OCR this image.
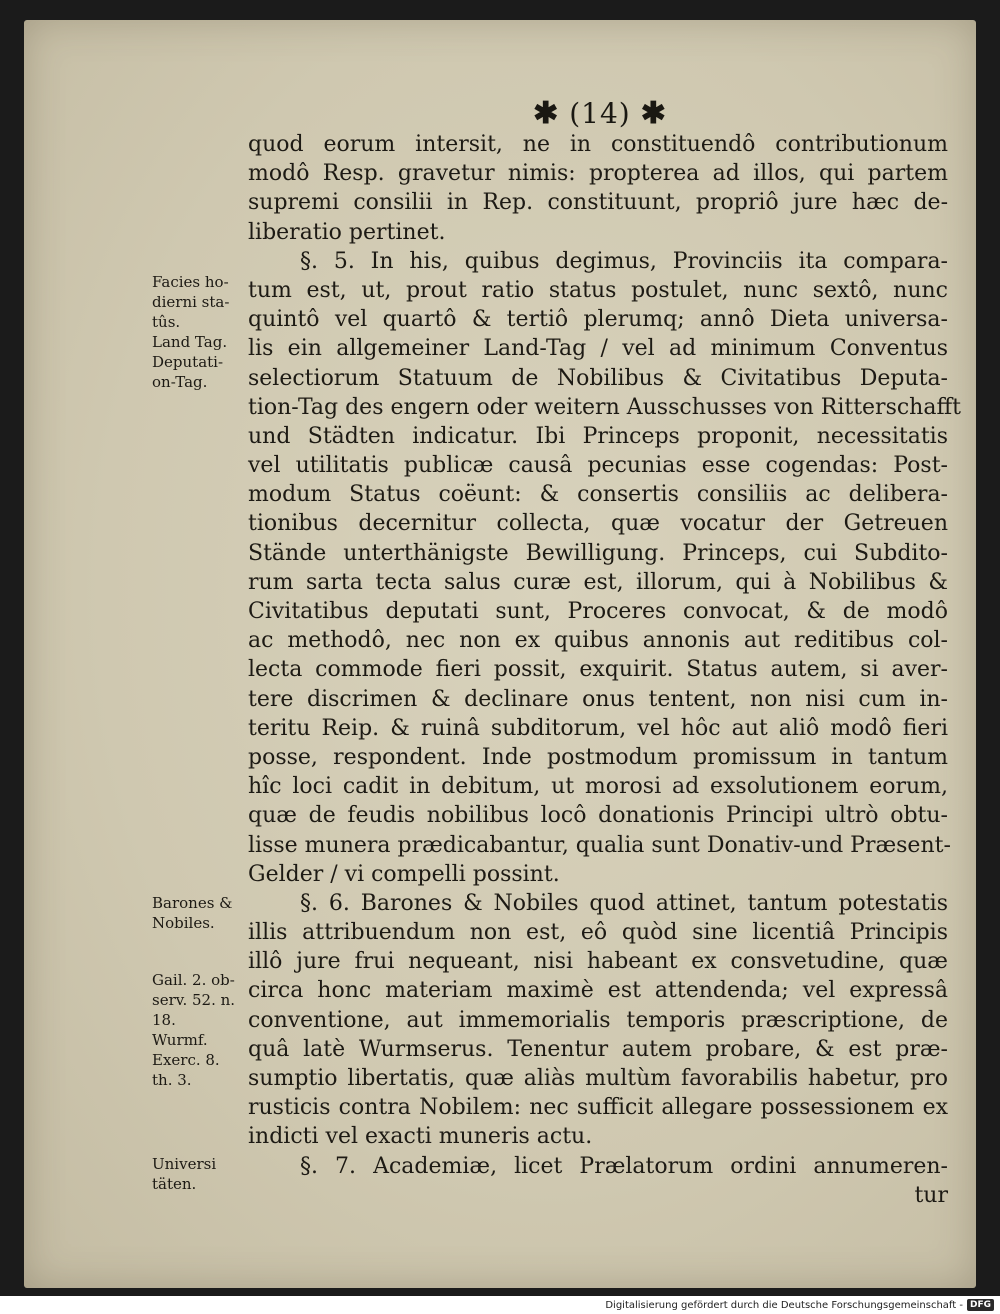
✱ (14) ✱
quod eorum intersit, ne in constituendô contributionum
modô Resp. gravetur nimis: propterea ad illos, qui partem
supremi consilii in Rep. constituunt, propriô jure hæc de-
liberatio pertinet.
§. 5. In his, quibus degimus, Provinciis ita compara-
tum est, ut, prout ratio status postulet, nunc sextô, nunc
quintô vel quartô & tertiô plerumq; annô Dieta universa-
lis ein allgemeiner Land-Tag / vel ad minimum Conventus
selectiorum Statuum de Nobilibus & Civitatibus Deputa-
tion-Tag des engern oder weitern Ausschusses von Ritterschafft
und Städten indicatur. Ibi Princeps proponit, necessitatis
vel utilitatis publicæ causâ pecunias esse cogendas: Post-
modum Status coëunt: & consertis consiliis ac delibera-
tionibus decernitur collecta, quæ vocatur der Getreuen
Stände unterthänigste Bewilligung. Princeps, cui Subdito-
rum sarta tecta salus curæ est, illorum, qui à Nobilibus &
Civitatibus deputati sunt, Proceres convocat, & de modô
ac methodô, nec non ex quibus annonis aut reditibus col-
lecta commode fieri possit, exquirit. Status autem, si aver-
tere discrimen & declinare onus tentent, non nisi cum in-
teritu Reip. & ruinâ subditorum, vel hôc aut aliô modô fieri
posse, respondent. Inde postmodum promissum in tantum
hîc loci cadit in debitum, ut morosi ad exsolutionem eorum,
quæ de feudis nobilibus locô donationis Principi ultrò obtu-
lisse munera prædicabantur, qualia sunt Donativ-und Præsent-
Gelder / vi compelli possint.
§. 6. Barones & Nobiles quod attinet, tantum potestatis
illis attribuendum non est, eô quòd sine licentiâ Principis
illô jure frui nequeant, nisi habeant ex consvetudine, quæ
circa honc materiam maximè est attendenda; vel expressâ
conventione, aut immemorialis temporis præscriptione, de
quâ latè Wurmserus. Tenentur autem probare, & est præ-
sumptio libertatis, quæ aliàs multùm favorabilis habetur, pro
rusticis contra Nobilem: nec sufficit allegare possessionem ex
indicti vel exacti muneris actu.
§. 7. Academiæ, licet Prælatorum ordini annumeren-
tur
Facies ho-
dierni sta-
tûs.
Land Tag.
Deputati-
on-Tag.
Barones &
Nobiles.
Gail. 2. ob-
serv. 52. n.
18.
Wurmf.
Exerc. 8.
th. 3.
Universi
täten.
Digitalisierung gefördert durch die Deutsche Forschungsgemeinschaft - DFG
